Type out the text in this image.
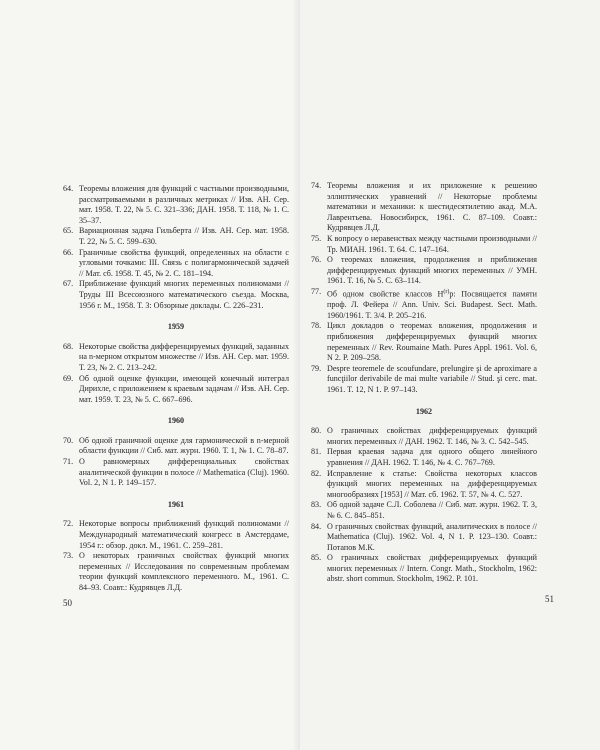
64. Теоремы вложения для функций с частными производными, рассматриваемыми в различных метриках // Изв. АН. Сер. мат. 1958. Т. 22, № 5. С. 321–336; ДАН. 1958. Т. 118, № 1. С. 35–37.

65. Вариационная задача Гильберта // Изв. АН. Сер. мат. 1958. Т. 22, № 5. С. 599–630.

66. Граничные свойства функций, определенных на области с угловыми точками: III. Связь с полигармонической задачей // Мат. сб. 1958. Т. 45, № 2. С. 181–194.

67. Приближение функций многих переменных полиномами // Труды III Всесоюзного математического съезда. Москва, 1956 г. М., 1958. Т. 3: Обзорные доклады. С. 226–231.

1959

68. Некоторые свойства дифференцируемых функций, заданных на n-мерном открытом множестве // Изв. АН. Сер. мат. 1959. Т. 23, № 2. С. 213–242.

69. Об одной оценке функции, имеющей конечный интеграл Дирихле, с приложением к краевым задачам // Изв. АН. Сер. мат. 1959. Т. 23, № 5. С. 667–696.

1960

70. Об одной граничной оценке для гармонической в n-мерной области функции // Сиб. мат. журн. 1960. Т. 1, № 1. С. 78–87.

71. О равномерных дифференциальных свойствах аналитической функции в полосе // Mathematica (Cluj). 1960. Vol. 2, N 1. P. 149–157.

1961

72. Некоторые вопросы приближений функций полиномами // Международный математический конгресс в Амстердаме, 1954 г.: обзор. докл. М., 1961. С. 259–281.

73. О некоторых граничных свойствах функций многих переменных // Исследования по современным проблемам теории функций комплексного переменного. М., 1961. С. 84–93. Соавт.: Кудрявцев Л.Д.

50

74. Теоремы вложения и их приложение к решению эллиптических уравнений // Некоторые проблемы математики и механики: к шестидесятилетию акад. М.А. Лаврентьева. Новосибирск, 1961. С. 87–109. Соавт.: Кудрявцев Л.Д.

75. К вопросу о неравенствах между частными производными // Тр. МИАН. 1961. Т. 64. С. 147–164.

76. О теоремах вложения, продолжения и приближения дифференцируемых функций многих переменных // УМН. 1961. Т. 16, № 5. С. 63–114.

77. Об одном свойстве классов $H^{(r)}p$: Посвящается памяти проф. Л. Фейера // Ann. Univ. Sci. Budapest. Sect. Math. 1960/1961. T. 3/4. P. 205–216.

78. Цикл докладов о теоремах вложения, продолжения и приближения дифференцируемых функций многих переменных // Rev. Roumaine Math. Pures Appl. 1961. Vol. 6, N 2. P. 209–258.

79. Despre teoremele de scoufundare, prelungire şi de aproximare a funcţiilor derivabile de mai multe variabile // Stud. şi cerc. mat. 1961. T. 12, N 1. P. 97–143.

1962

80. О граничных свойствах дифференцируемых функций многих переменных // ДАН. 1962. Т. 146, № 3. С. 542–545.

81. Первая краевая задача для одного общего линейного уравнения // ДАН. 1962. Т. 146, № 4. С. 767–769.

82. Исправление к статье: Свойства некоторых классов функций многих переменных на дифференцируемых многообразиях [1953] // Мат. сб. 1962. Т. 57, № 4. С. 527.

83. Об одной задаче С.Л. Соболева // Сиб. мат. журн. 1962. Т. 3, № 6. С. 845–851.

84. О граничных свойствах функций, аналитических в полосе // Mathematica (Cluj). 1962. Vol. 4, N 1. P. 123–130. Соавт.: Потапов М.К.

85. О граничных свойствах дифференцируемых функций многих переменных // Intern. Congr. Math., Stockholm, 1962: abstr. short commun. Stockholm, 1962. P. 101.

51
